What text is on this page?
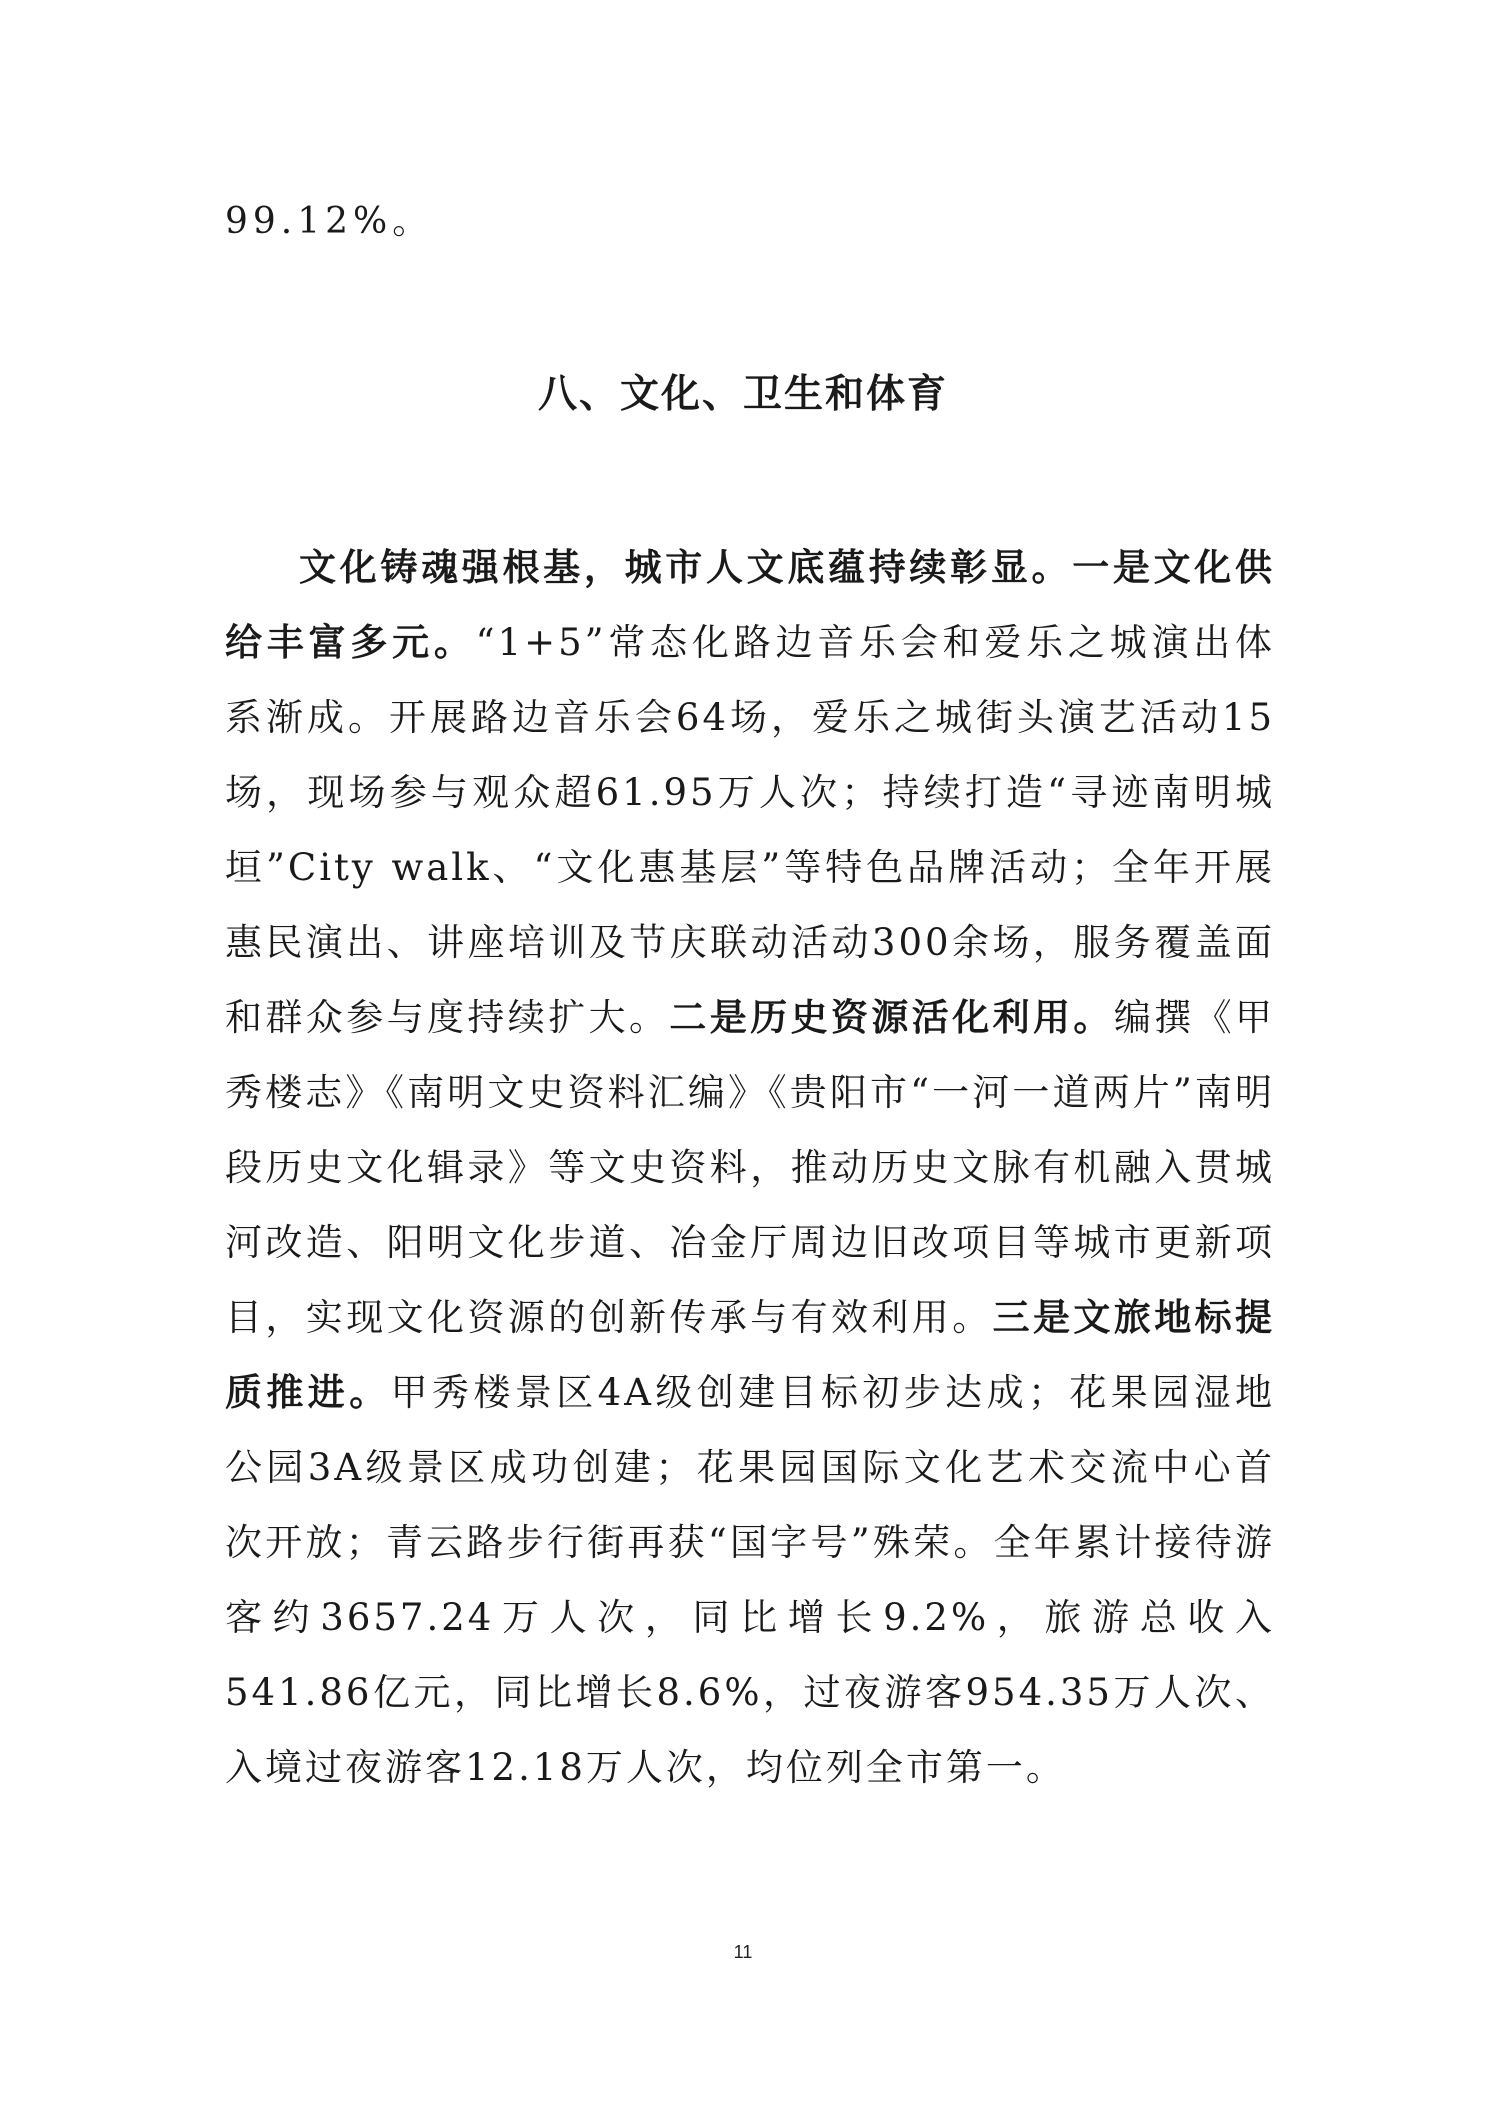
99.12%。
八、文化、卫生和体育

文化铸魂强根基，城市人文底蕴持续彰显。一是文化供给丰富多元。“1+5”常态化路边音乐会和爱乐之城演出体系渐成。开展路边音乐会64场，爱乐之城街头演艺活动15场，现场参与观众超61.95万人次；持续打造“寻迹南明城垣”City walk、“文化惠基层”等特色品牌活动；全年开展惠民演出、讲座培训及节庆联动活动300余场，服务覆盖面和群众参与度持续扩大。二是历史资源活化利用。编撰《甲秀楼志》《南明文史资料汇编》《贵阳市“一河一道两片”南明段历史文化辑录》等文史资料，推动历史文脉有机融入贯城河改造、阳明文化步道、冶金厅周边旧改项目等城市更新项目，实现文化资源的创新传承与有效利用。三是文旅地标提质推进。甲秀楼景区4A级创建目标初步达成；花果园湿地公园3A级景区成功创建；花果园国际文化艺术交流中心首次开放；青云路步行街再获“国字号”殊荣。全年累计接待游客约3657.24万人次，同比增长9.2%，旅游总收入541.86亿元，同比增长8.6%，过夜游客954.35万人次、入境过夜游客12.18万人次，均位列全市第一。

11
